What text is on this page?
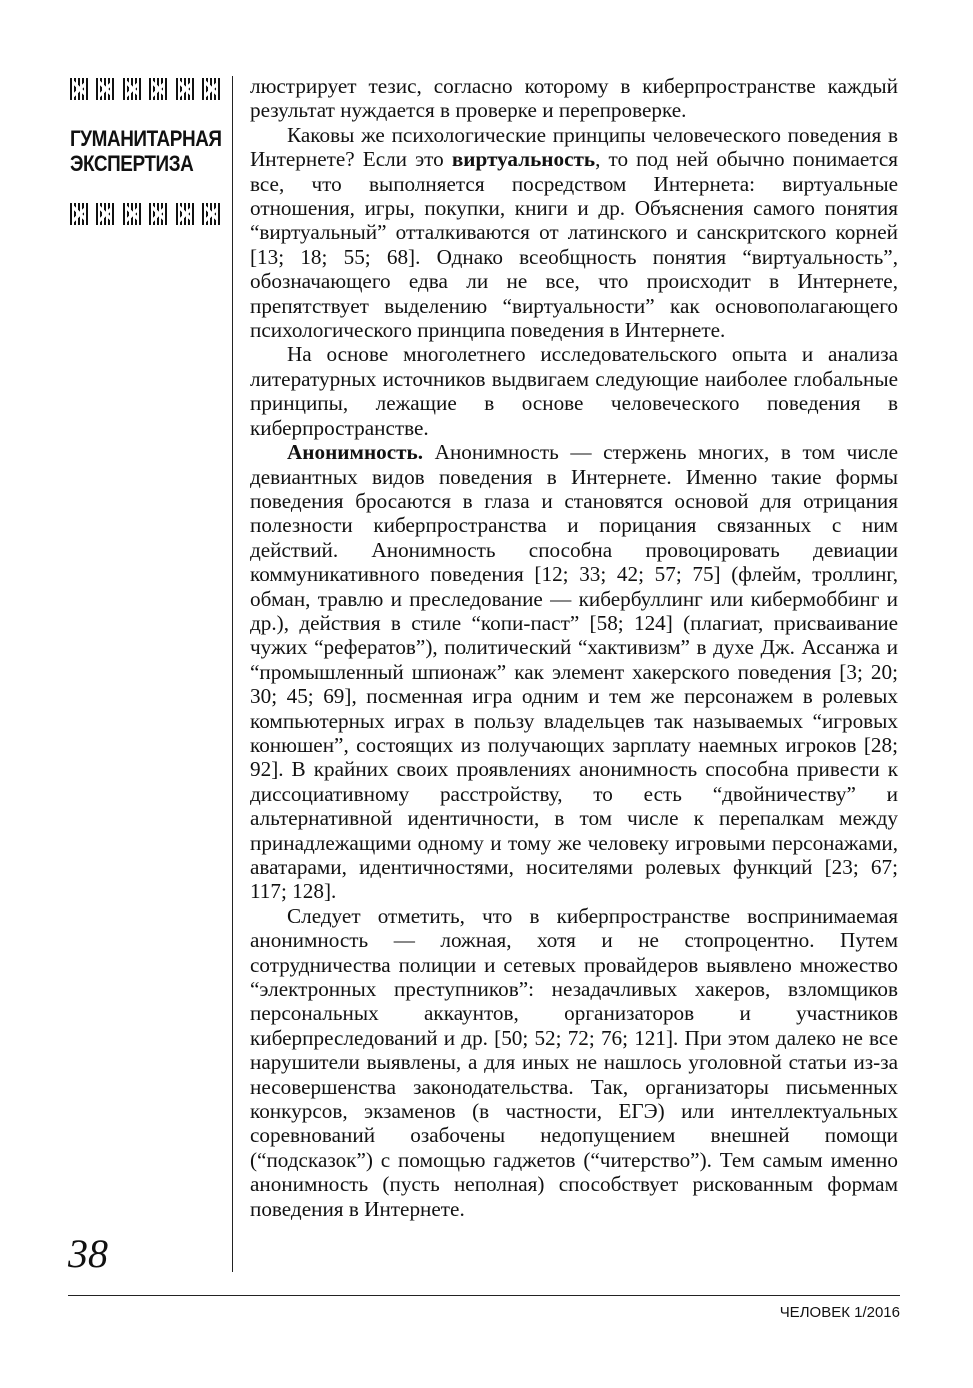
ГУМАНИТАРНАЯ ЭКСПЕРТИЗА

люстрирует тезис, согласно которому в киберпространстве каждый результат нуждается в проверке и перепроверке.

Каковы же психологические принципы человеческого поведения в Интернете? Если это виртуальность, то под ней обычно понимается все, что выполняется посредством Интернета: виртуальные отношения, игры, покупки, книги и др. Объяснения самого понятия “виртуальный” отталкиваются от латинского и санскритского корней [13; 18; 55; 68]. Однако всеобщность понятия “виртуальность”, обозначающего едва ли не все, что происходит в Интернете, препятствует выделению “виртуальности” как основополагающего психологического принципа поведения в Интернете.

На основе многолетнего исследовательского опыта и анализа литературных источников выдвигаем следующие наиболее глобальные принципы, лежащие в основе человеческого поведения в киберпространстве.

Анонимность. Анонимность — стержень многих, в том числе девиантных видов поведения в Интернете. Именно такие формы поведения бросаются в глаза и становятся основой для отрицания полезности киберпространства и порицания связанных с ним действий. Анонимность способна провоцировать девиации коммуникативного поведения [12; 33; 42; 57; 75] (флейм, троллинг, обман, травлю и преследование — кибербуллинг или кибермоббинг и др.), действия в стиле “копи-паст” [58; 124] (плагиат, присваивание чужих “рефератов”), политический “хактивизм” в духе Дж. Ассанжа и “промышленный шпионаж” как элемент хакерского поведения [3; 20; 30; 45; 69], посменная игра одним и тем же персонажем в ролевых компьютерных играх в пользу владельцев так называемых “игровых конюшен”, состоящих из получающих зарплату наемных игроков [28; 92]. В крайних своих проявлениях анонимность способна привести к диссоциативному расстройству, то есть “двойничеству” и альтернативной идентичности, в том числе к перепалкам между принадлежащими одному и тому же человеку игровыми персонажами, аватарами, идентичностями, носителями ролевых функций [23; 67; 117; 128].

Следует отметить, что в киберпространстве воспринимаемая анонимность — ложная, хотя и не стопроцентно. Путем сотрудничества полиции и сетевых провайдеров выявлено множество “электронных преступников”: незадачливых хакеров, взломщиков персональных аккаунтов, организаторов и участников киберпреследований и др. [50; 52; 72; 76; 121]. При этом далеко не все нарушители выявлены, а для иных не нашлось уголовной статьи из-за несовершенства законодательства. Так, организаторы письменных конкурсов, экзаменов (в частности, ЕГЭ) или интеллектуальных соревнований озабочены недопущением внешней помощи (“подсказок”) с помощью гаджетов (“читерство”). Тем самым именно анонимность (пусть неполная) способствует рискованным формам поведения в Интернете.

38
ЧЕЛОВЕК 1/2016
